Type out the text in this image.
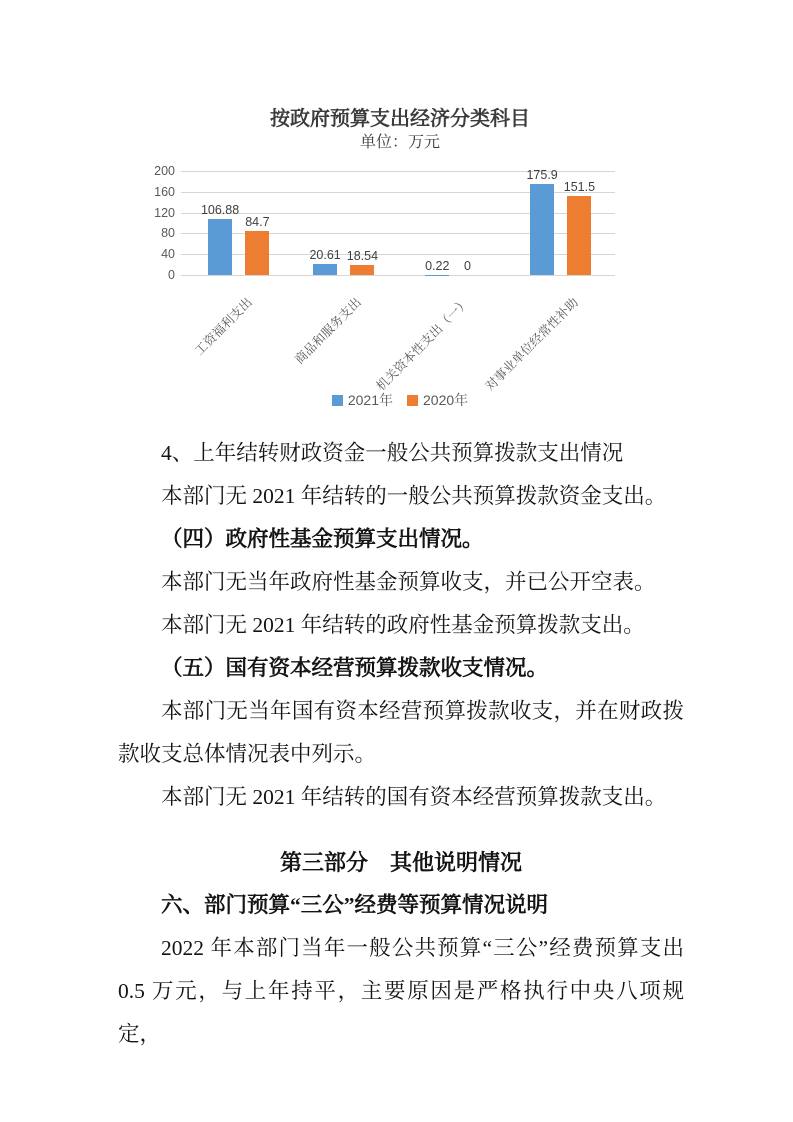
按政府预算支出经济分类科目
单位：万元
106.88
84.7
20.61 18.54
0.22 0
175.9
151.5
工资福利支出	商品和服务支出 机关资本性支出（一） 对事业单位经常性补助
2021年 2020年
0
40
80
120
160
200

4、上年结转财政资金一般公共预算拨款支出情况

本部门无 2021 年结转的一般公共预算拨款资金支出。

（四）政府性基金预算支出情况。

本部门无当年政府性基金预算收支，并已公开空表。

本部门无 2021 年结转的政府性基金预算拨款支出。

（五）国有资本经营预算拨款收支情况。

本部门无当年国有资本经营预算拨款收支，并在财政拨款收支总体情况表中列示。

本部门无 2021 年结转的国有资本经营预算拨款支出。

第三部分　其他说明情况

六、部门预算“三公”经费等预算情况说明

2022 年本部门当年一般公共预算“三公”经费预算支出 0.5 万元，与上年持平，主要原因是严格执行中央八项规定，
